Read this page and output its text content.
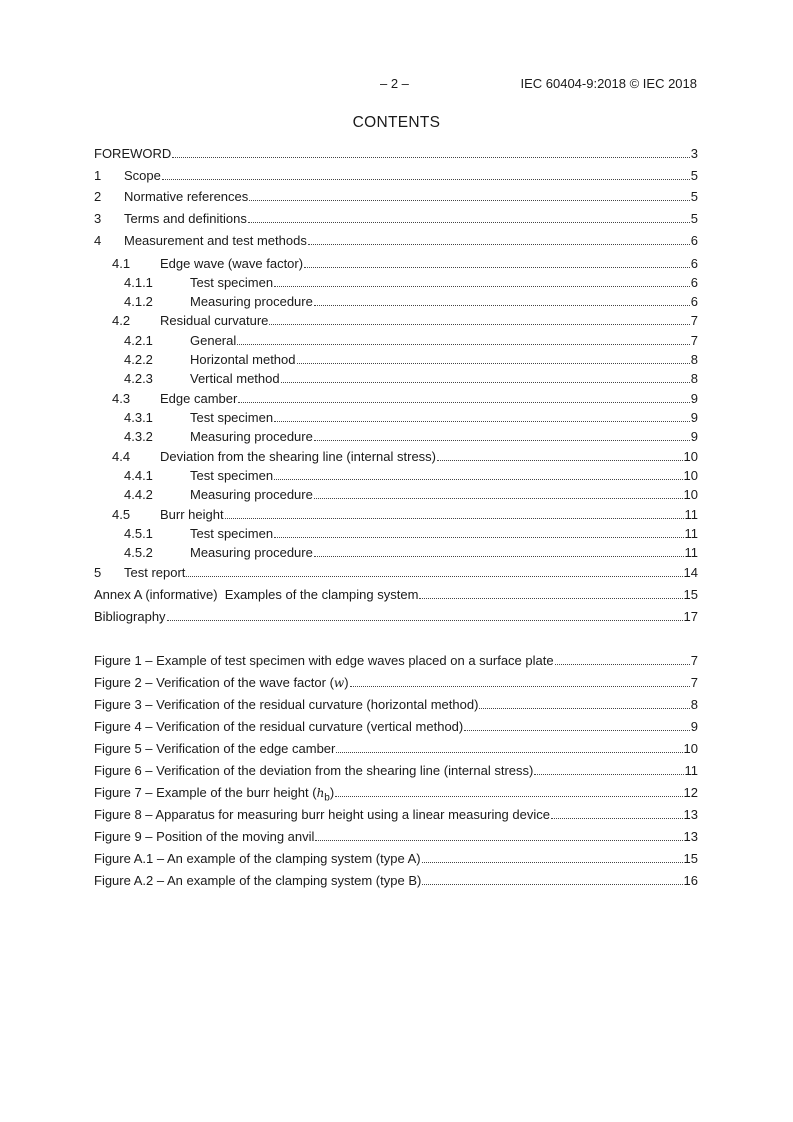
– 2 –	IEC 60404-9:2018 © IEC 2018
CONTENTS
FOREWORD	3
1	Scope	5
2	Normative references	5
3	Terms and definitions	5
4	Measurement and test methods	6
4.1	Edge wave (wave factor)	6
4.1.1	Test specimen	6
4.1.2	Measuring procedure	6
4.2	Residual curvature	7
4.2.1	General	7
4.2.2	Horizontal method	8
4.2.3	Vertical method	8
4.3	Edge camber	9
4.3.1	Test specimen	9
4.3.2	Measuring procedure	9
4.4	Deviation from the shearing line (internal stress)	10
4.4.1	Test specimen	10
4.4.2	Measuring procedure	10
4.5	Burr height	11
4.5.1	Test specimen	11
4.5.2	Measuring procedure	11
5	Test report	14
Annex A (informative)  Examples of the clamping system	15
Bibliography	17
Figure 1 – Example of test specimen with edge waves placed on a surface plate	7
Figure 2 – Verification of the wave factor (w)	7
Figure 3 – Verification of the residual curvature (horizontal method)	8
Figure 4 – Verification of the residual curvature (vertical method)	9
Figure 5 – Verification of the edge camber	10
Figure 6 – Verification of the deviation from the shearing line (internal stress)	11
Figure 7 – Example of the burr height $(h_b)$	12
Figure 8 – Apparatus for measuring burr height using a linear measuring device	13
Figure 9 – Position of the moving anvil	13
Figure A.1 – An example of the clamping system (type A)	15
Figure A.2 – An example of the clamping system (type B)	16
